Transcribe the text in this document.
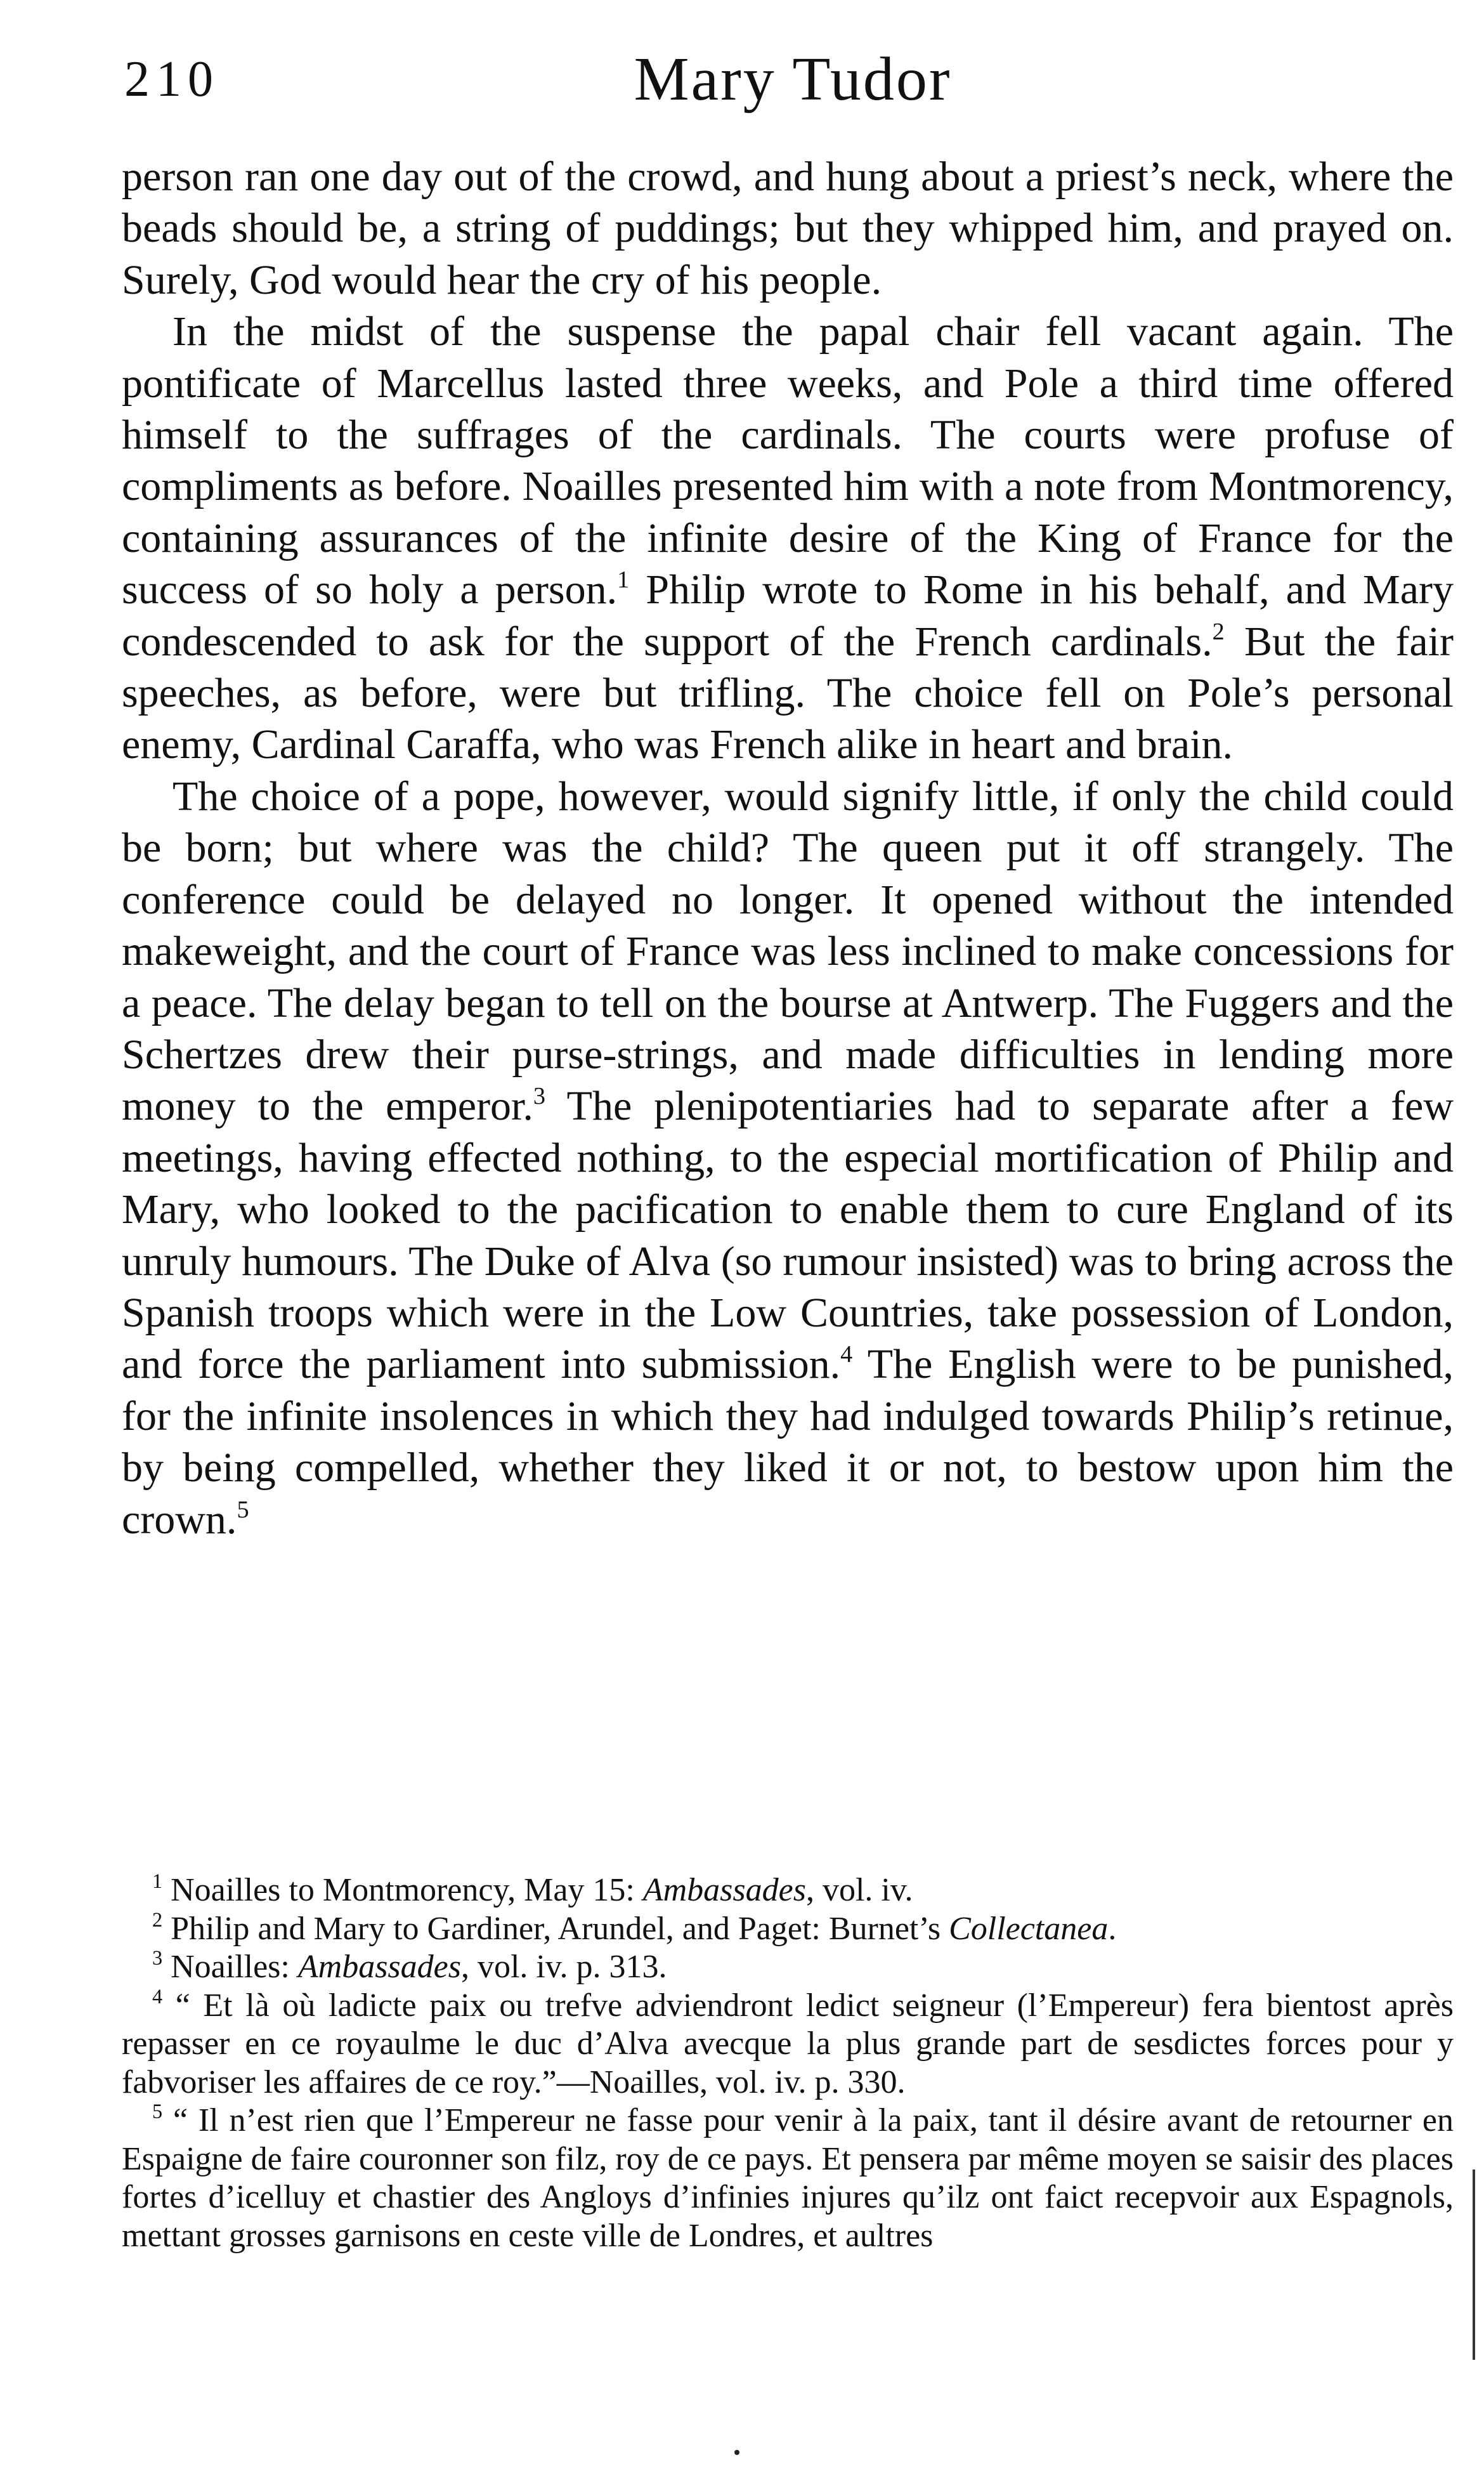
210	Mary Tudor

person ran one day out of the crowd, and hung about a priest’s neck, where the beads should be, a string of puddings; but they whipped him, and prayed on. Surely, God would hear the cry of his people.

In the midst of the suspense the papal chair fell vacant again. The pontificate of Marcellus lasted three weeks, and Pole a third time offered himself to the suffrages of the cardinals. The courts were profuse of compliments as before. Noailles presented him with a note from Montmorency, containing assurances of the infinite desire of the King of France for the success of so holy a person.$^1$ Philip wrote to Rome in his behalf, and Mary condescended to ask for the support of the French cardinals.$^2$ But the fair speeches, as before, were but trifling. The choice fell on Pole’s personal enemy, Cardinal Caraffa, who was French alike in heart and brain.

The choice of a pope, however, would signify little, if only the child could be born; but where was the child? The queen put it off strangely. The conference could be delayed no longer. It opened without the intended makeweight, and the court of France was less inclined to make concessions for a peace. The delay began to tell on the bourse at Antwerp. The Fuggers and the Schertzes drew their purse-strings, and made difficulties in lending more money to the emperor.$^3$ The plenipotentiaries had to separate after a few meetings, having effected nothing, to the especial mortification of Philip and Mary, who looked to the pacification to enable them to cure England of its unruly humours. The Duke of Alva (so rumour insisted) was to bring across the Spanish troops which were in the Low Countries, take possession of London, and force the parliament into submission.$^4$ The English were to be punished, for the infinite insolences in which they had indulged towards Philip’s retinue, by being compelled, whether they liked it or not, to bestow upon him the crown.$^5$

$^1$ Noailles to Montmorency, May 15: Ambassades, vol. iv.

$^2$ Philip and Mary to Gardiner, Arundel, and Paget: Burnet’s Collectanea.

$^3$ Noailles: Ambassades, vol. iv. p. 313.

$^4$ “ Et là où ladicte paix ou trefve adviendront ledict seigneur (l’Empereur) fera bientost après repasser en ce royaulme le duc d’Alva avecque la plus grande part de sesdictes forces pour y fabvoriser les affaires de ce roy.”—Noailles, vol. iv. p. 330.

$^5$ “ Il n’est rien que l’Empereur ne fasse pour venir à la paix, tant il désire avant de retourner en Espaigne de faire couronner son filz, roy de ce pays. Et pensera par même moyen se saisir des places fortes d’icelluy et chastier des Angloys d’infinies injures qu’ilz ont faict recepvoir aux Espagnols, mettant grosses garnisons en ceste ville de Londres, et aultres
